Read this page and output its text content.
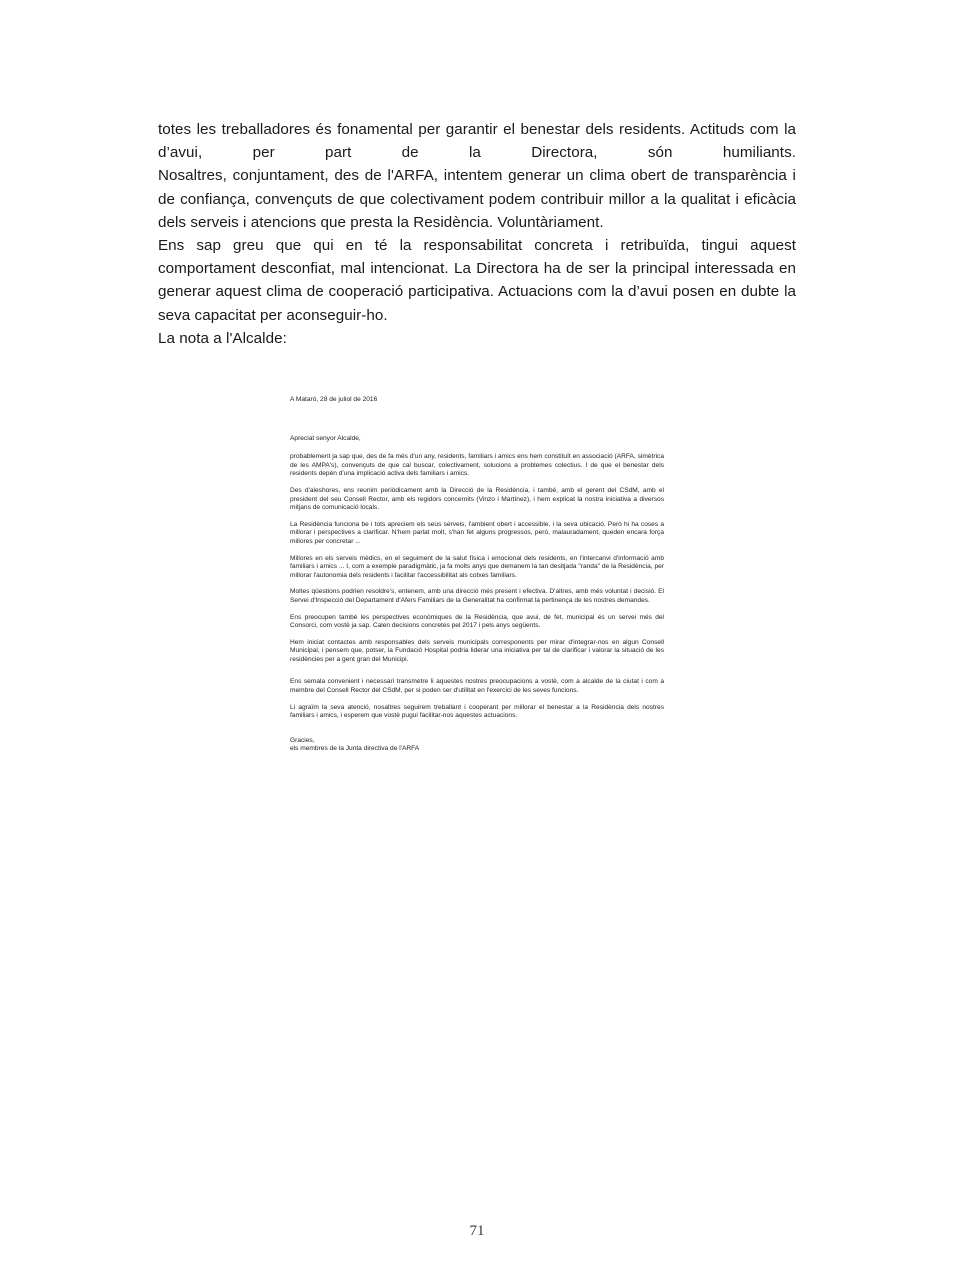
totes les treballadores és fonamental per garantir el benestar dels residents. Actituds com la d’avui, per part de la Directora, són humiliants.

Nosaltres, conjuntament, des de l'ARFA, intentem generar un clima obert de transparència i de confiança, convençuts de que colectivament podem contribuir millor a la qualitat i eficàcia dels serveis i atencions que presta la Residència. Voluntàriament.

Ens sap greu que qui en té la responsabilitat concreta i retribuïda, tingui aquest comportament desconfiat, mal intencionat. La Directora ha de ser la principal interessada en generar aquest clima de cooperació participativa. Actuacions com la d’avui posen en dubte la seva capacitat per aconseguir-ho.

La nota a l'Alcalde:

A Mataró, 28 de juliol de 2016

Apreciat senyor Alcalde,

probablement ja sap que, des de fa més d'un any, residents, familiars i amics ens hem constituït en associació (ARFA, simètrica de les AMPA's), convençuts de que cal buscar, colectivament, solucions a problemes colectius. I de que el benestar dels residents depèn d'una implicació activa dels familiars i amics.

Des d'aleshores, ens reunim periòdicament amb la Direcció de la Residència, i també, amb el gerent del CSdM, amb el president del seu Consell Rector, amb els regidors concernits (Vinzo i Martínez), i hem explicat la nostra iniciativa a diversos mitjans de comunicació locals.

La Residència funciona be i tots apreciem els seus serveis, l'ambient obert i accessible, i la seva ubicació. Però hi ha coses a millorar i perspectives a clarificar. N'hem parlat molt, s'han fet alguns progressos, però, malauradament, queden encara força millores per concretar ...

Millores en els serveis mèdics, en el seguiment de la salut física i emocional dels residents, en l'intercanvi d'informació amb familiars i amics ... I, com a exemple paradigmàtic, ja fa molts anys que demanem la tan desitjada "randa" de la Residència, per millorar l'autonomia dels residents i facilitar l'accessibilitat als cotxes familiars.

Moltes qüestions podrien resoldre's, entenem, amb una direcció més present i efectiva. D'altres, amb més voluntat i decisió. El Servei d'Inspecció del Departament d'Afers Familiars de la Generalitat ha confirmat la pertinença de les nostres demandes.

Ens preocupen també les perspectives econòmiques de la Residència, que avui, de fet, municipal és un servei més del Consorci, com vostè ja sap. Calen decisions concretes pel 2017 i pels anys següents.

Hem iniciat contactes amb responsables dels serveis municipals corresponents per mirar d'integrar-nos en algun Consell Municipal, i pensem que, potser, la Fundació Hospital podria liderar una iniciativa per tal de clarificar i valorar la situació de les residències per a gent gran del Municipi.

Ens semala convenient i necessari transmetre li aquestes nostres preocupacions a vostè, com a alcalde de la ciutat i com a membre del Consell Rector del CSdM, per si poden ser d'utilitat en l'exercici de les seves funcions.

Li agraïm la seva atenció, nosaltres seguirem treballant i cooperant per millorar el benestar a la Residència dels nostres familiars i amics, i esperem que vostè pugui facilitar-nos aquestes actuacions.

Gracies,

els membres de la Junta directiva de l'ARFA

71
